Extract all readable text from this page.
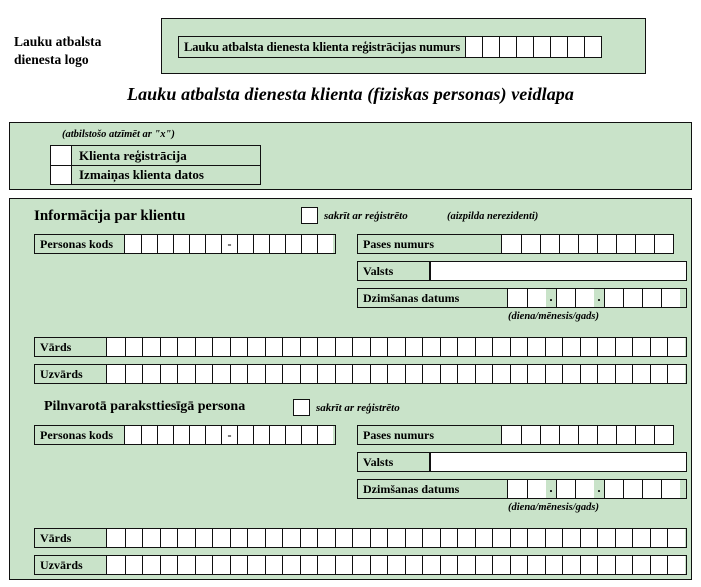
Lauku atbalsta
dienesta logo
Lauku atbalsta dienesta klienta reģistrācijas numurs
Lauku atbalsta dienesta klienta (fiziskas personas) veidlapa
(atbilstošo atzīmēt ar "x")
Klienta reģistrācija
Izmaiņas klienta datos
Informācija par klientu	sakrīt ar reģistrēto	(aizpilda nerezidenti)
Personas kods	-	Pases numurs
Valsts
Dzimšanas datums	.	.
(diena/mēnesis/gads)
Vārds
Uzvārds
Pilnvarotā paraksttiesīgā persona	sakrīt ar reģistrēto
Personas kods	-	Pases numurs
Valsts
Dzimšanas datums	.	.
(diena/mēnesis/gads)
Vārds
Uzvārds
